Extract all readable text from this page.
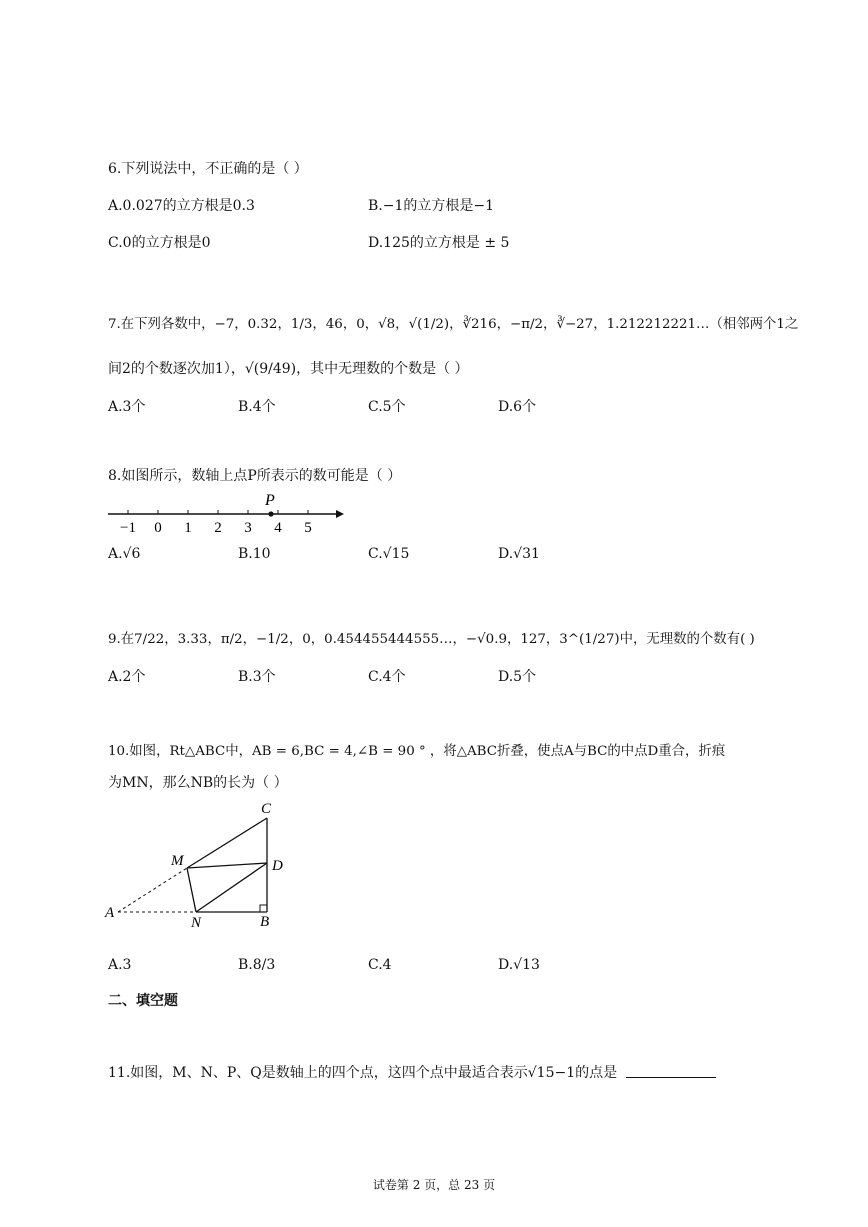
6.下列说法中，不正确的是（ ）
A.0.027的立方根是0.3	B.−1的立方根是−1
C.0的立方根是0	D.125的立方根是 ± 5
7.在下列各数中，−7，0.32，1/3，46，0，√8，√(1/2)，∛216，−π/2，∛−27，1.212212221…（相邻两个1之
间2的个数逐次加1），√(9/49)，其中无理数的个数是（ ）
A.3个	B.4个	C.5个	D.6个
8.如图所示，数轴上点P所表示的数可能是（ ）
−1 0 1 2 3 4 5
P
A.√6	B.10	C.√15	D.√31
9.在7/22，3.33，π/2，−1/2，0，0.454455444555…，−√0.9，127，3^(1/27)中，无理数的个数有( )
A.2个	B.3个	C.4个	D.5个
10.如图，Rt△ABC中，AB = 6,BC = 4,∠B = 90 ° ，将△ABC折叠，使点A与BC的中点D重合，折痕
为MN，那么NB的长为（ ）
A
B
C
D
M
N
A.3	B.8/3	C.4	D.√13
二、填空题
11.如图，M、N、P、Q是数轴上的四个点，这四个点中最适合表示√15−1的点是
试卷第 2 页，总 23 页
